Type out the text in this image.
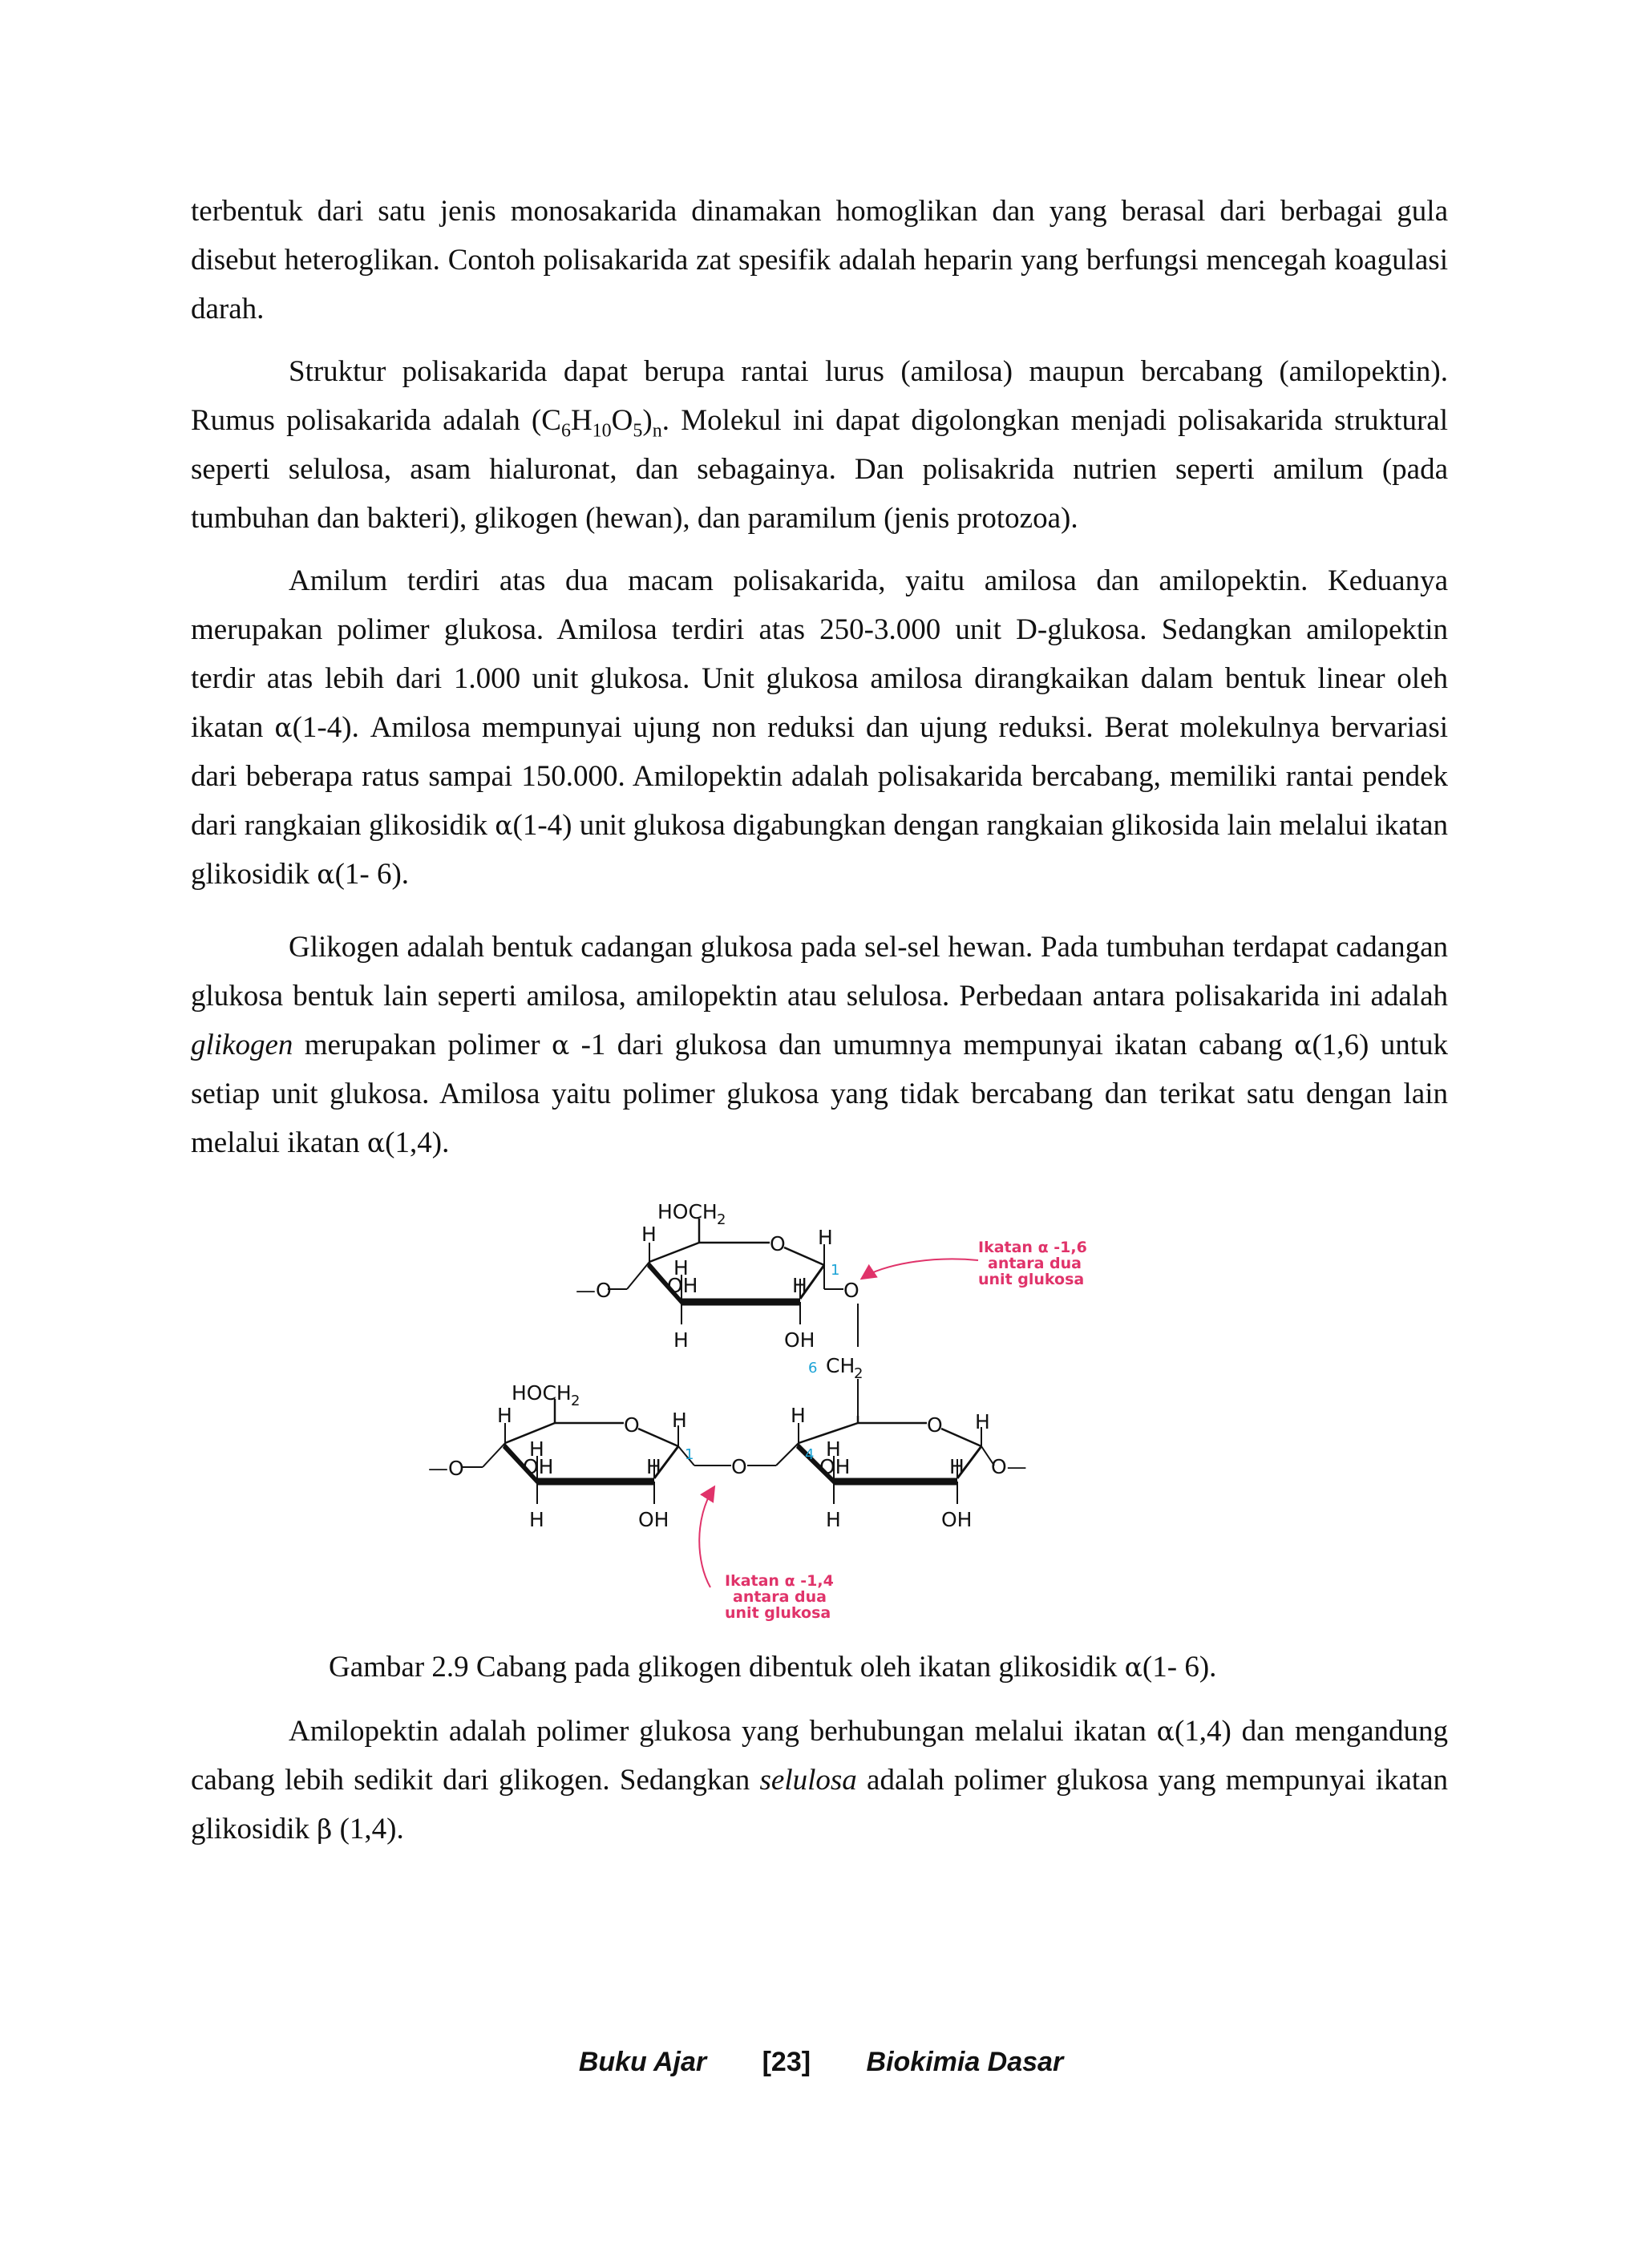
terbentuk dari satu jenis monosakarida dinamakan homoglikan dan yang berasal dari berbagai gula disebut heteroglikan. Contoh polisakarida zat spesifik adalah heparin yang berfungsi mencegah koagulasi darah.

Struktur polisakarida dapat berupa rantai lurus (amilosa) maupun bercabang (amilopektin). Rumus polisakarida adalah $(C_6H_{10}O_5)_n$. Molekul ini dapat digolongkan menjadi polisakarida struktural seperti selulosa, asam hialuronat, dan sebagainya. Dan polisakrida nutrien seperti amilum (pada tumbuhan dan bakteri), glikogen (hewan), dan paramilum (jenis protozoa).

Amilum terdiri atas dua macam polisakarida, yaitu amilosa dan amilopektin. Keduanya merupakan polimer glukosa. Amilosa terdiri atas 250-3.000 unit D-glukosa. Sedangkan amilopektin terdir atas lebih dari 1.000 unit glukosa. Unit glukosa amilosa dirangkaikan dalam bentuk linear oleh ikatan α(1-4). Amilosa mempunyai ujung non reduksi dan ujung reduksi. Berat molekulnya bervariasi dari beberapa ratus sampai 150.000. Amilopektin adalah polisakarida bercabang, memiliki rantai pendek dari rangkaian glikosidik α(1-4) unit glukosa digabungkan dengan rangkaian glikosida lain melalui ikatan glikosidik α(1- 6).

Glikogen adalah bentuk cadangan glukosa pada sel-sel hewan. Pada tumbuhan terdapat cadangan glukosa bentuk lain seperti amilosa, amilopektin atau selulosa. Perbedaan antara polisakarida ini adalah glikogen merupakan polimer α -1 dari glukosa dan umumnya mempunyai ikatan cabang α(1,6) untuk setiap unit glukosa. Amilosa yaitu polimer glukosa yang tidak bercabang dan terikat satu dengan lain melalui ikatan α(1,4).

HOCH 2
H	O H
H
OH	H
H	OH
—O
1
O
6 CH
2
HOCH 2
H	O H
H
OH	H
H	OH
—O
1
O
H	O H
H
OH	H
H	OH
4
O—
Ikatan α -1,6
antara dua
unit glukosa
Ikatan α -1,4
antara dua
unit glukosa
Gambar 2.9 Cabang pada glikogen dibentuk oleh ikatan glikosidik α(1- 6).

Amilopektin adalah polimer glukosa yang berhubungan melalui ikatan α(1,4) dan mengandung cabang lebih sedikit dari glikogen. Sedangkan selulosa adalah polimer glukosa yang mempunyai ikatan glikosidik β (1,4).

Buku Ajar [23] Biokimia Dasar
